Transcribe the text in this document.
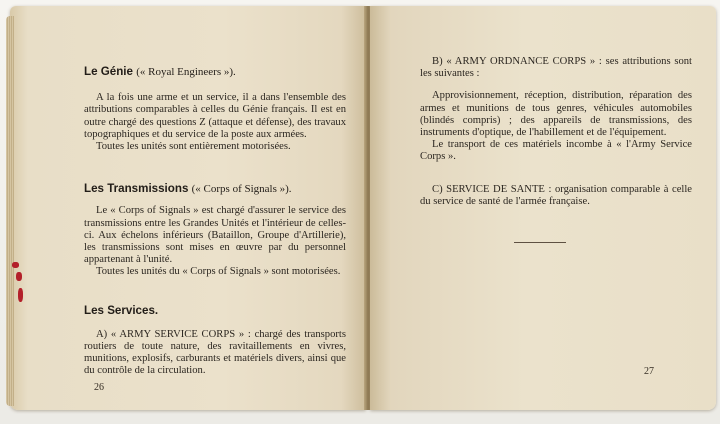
Le Génie (« Royal Engineers »).

A la fois une arme et un service, il a dans l'ensemble des attributions comparables à celles du Génie français. Il est en outre chargé des questions Z (attaque et défense), des travaux topographiques et du service de la poste aux armées.

Toutes les unités sont entièrement motorisées.

Les Transmissions (« Corps of Signals »).

Le « Corps of Signals » est chargé d'assurer le service des transmissions entre les Grandes Unités et l'intérieur de celles-ci. Aux échelons inférieurs (Bataillon, Groupe d'Artillerie), les transmissions sont mises en œuvre par du personnel appartenant à l'unité.

Toutes les unités du « Corps of Signals » sont motorisées.

Les Services.

A) « ARMY SERVICE CORPS » : chargé des transports routiers de toute nature, des ravitaillements en vivres, munitions, explosifs, carburants et matériels divers, ainsi que du contrôle de la circulation.

26

B) « ARMY ORDNANCE CORPS » : ses attributions sont les suivantes :

Approvisionnement, réception, distribution, réparation des armes et munitions de tous genres, véhicules automobiles (blindés compris) ; des appareils de transmissions, des instruments d'optique, de l'habillement et de l'équipement.

Le transport de ces matériels incombe à « l'Army Service Corps ».

C) SERVICE DE SANTE : organisation comparable à celle du service de santé de l'armée française.

27
